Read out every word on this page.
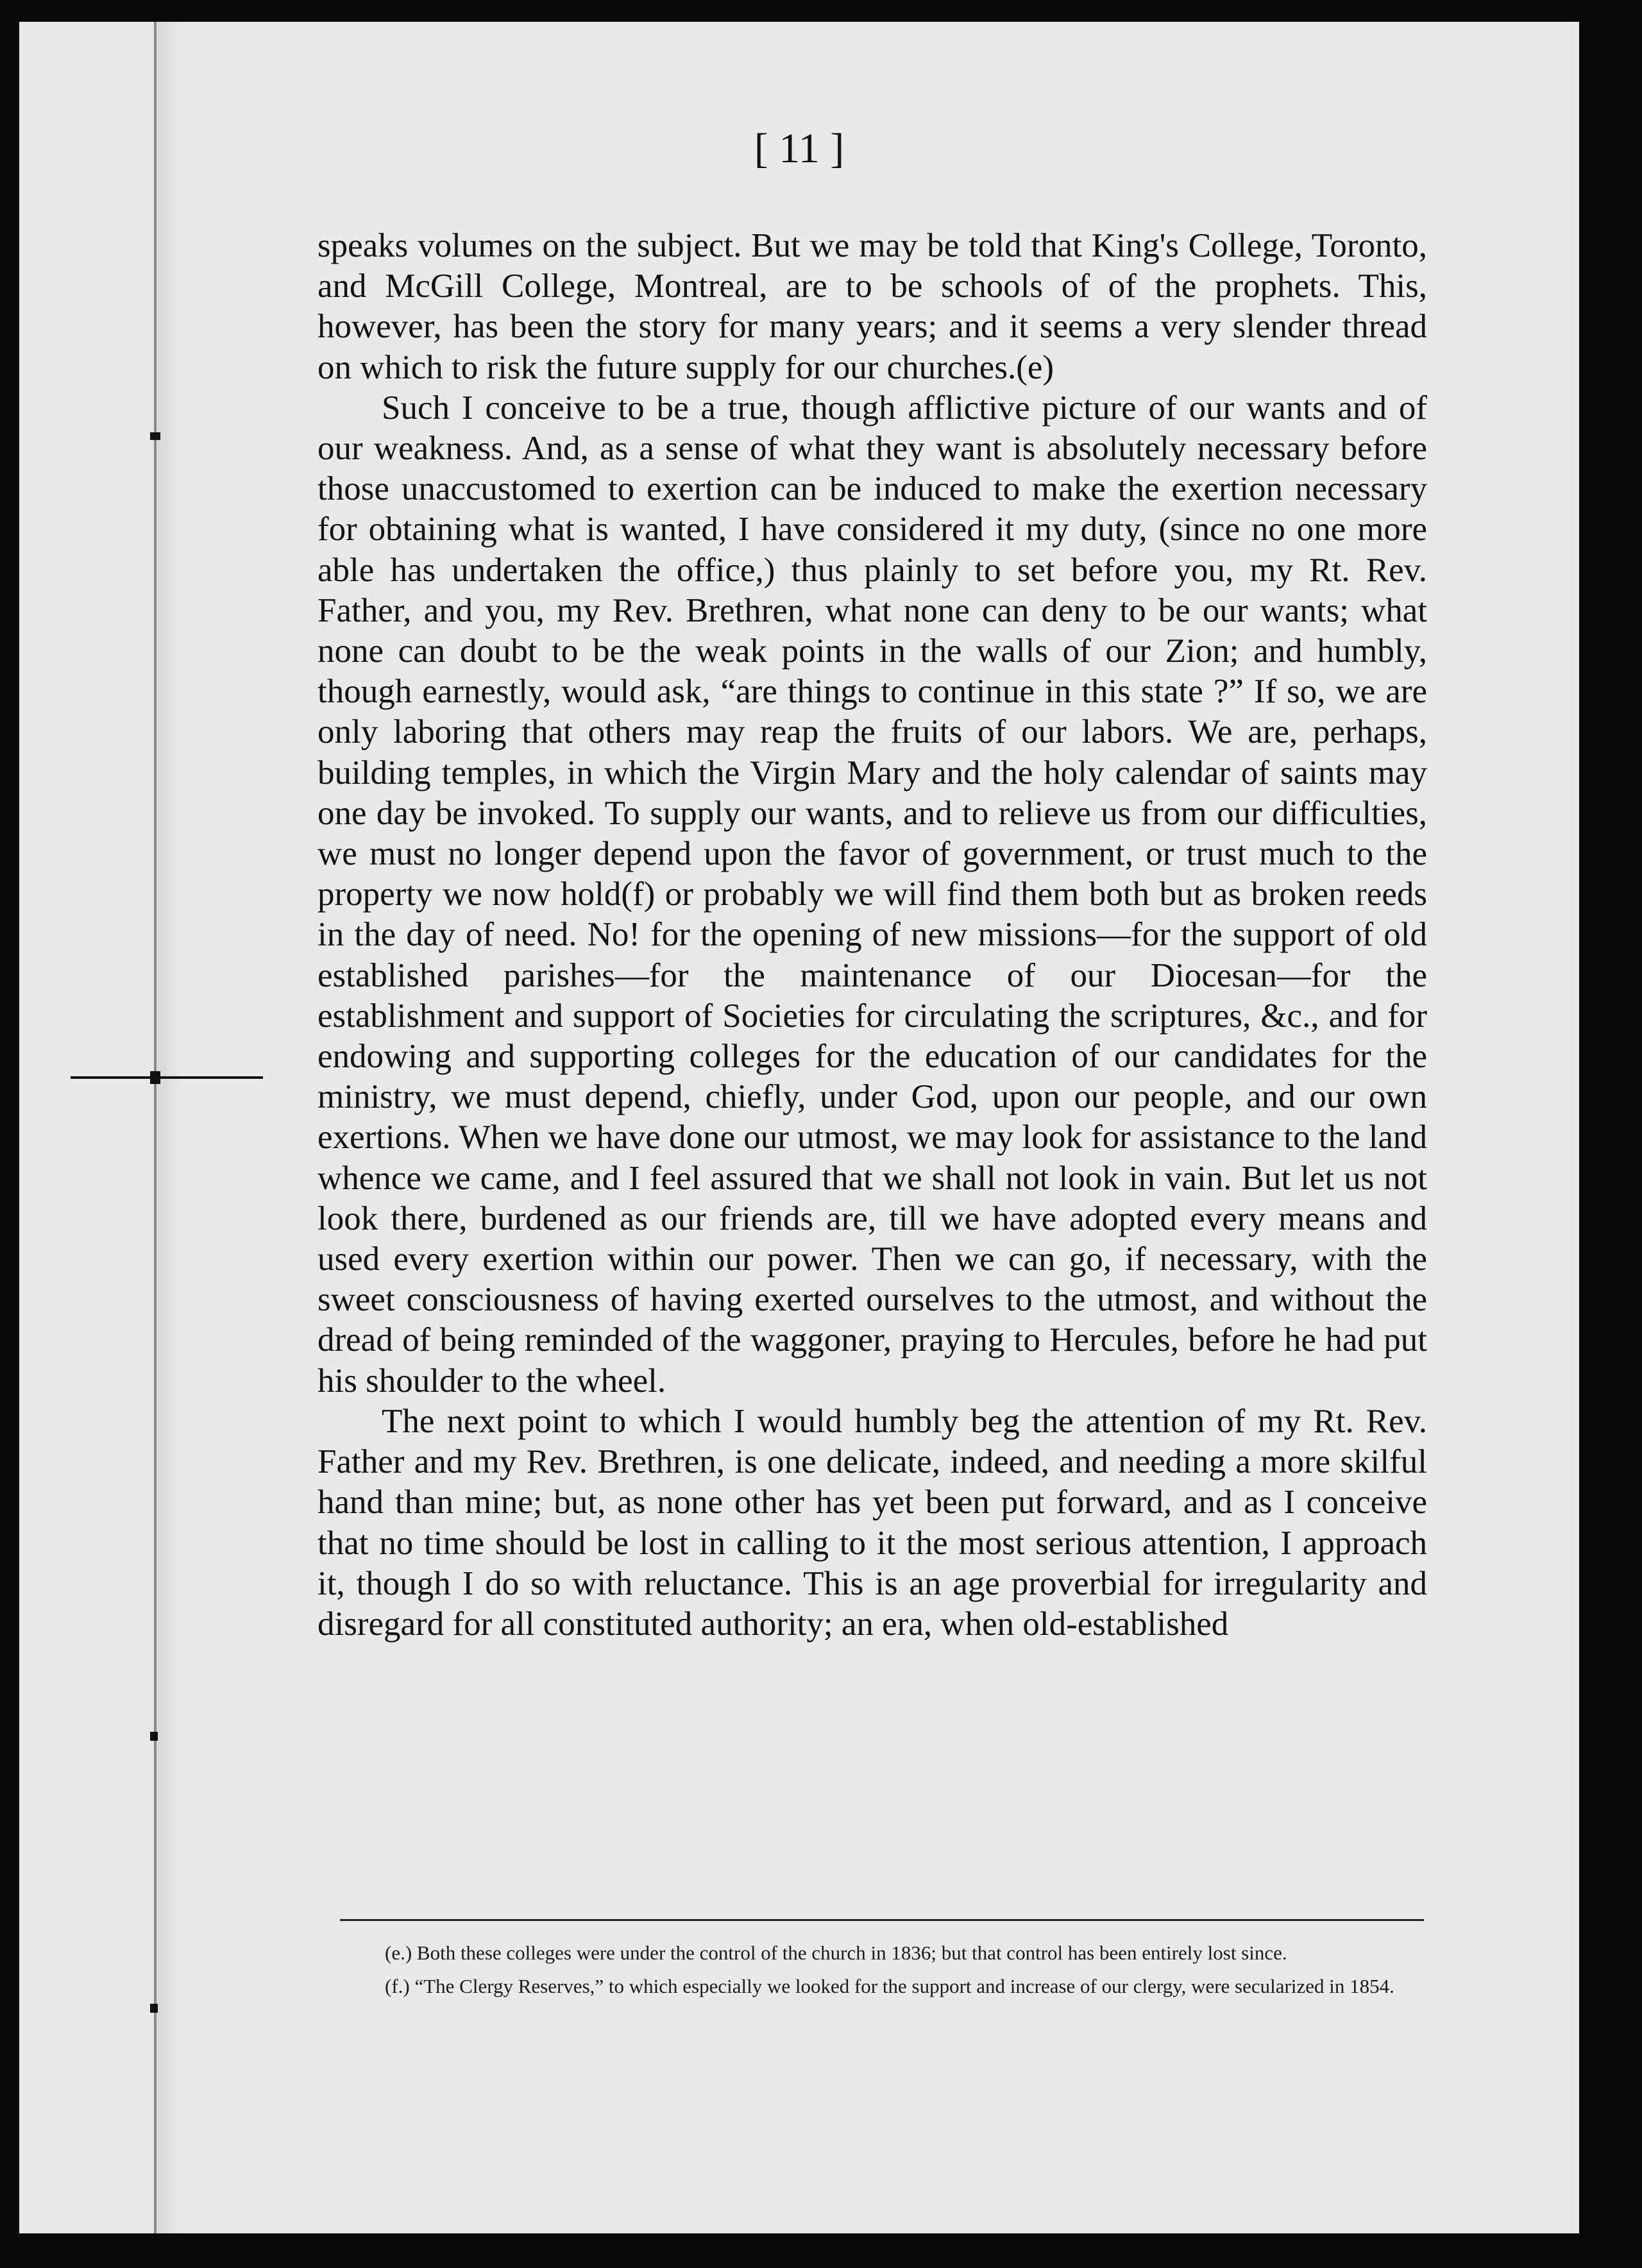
[ 11 ]

speaks volumes on the subject. But we may be told that King's College, Toronto, and McGill College, Montreal, are to be schools of of the prophets. This, however, has been the story for many years; and it seems a very slender thread on which to risk the future supply for our churches.(e)

Such I conceive to be a true, though afflictive picture of our wants and of our weakness. And, as a sense of what they want is absolutely necessary before those unaccustomed to exertion can be induced to make the exertion necessary for obtaining what is wanted, I have considered it my duty, (since no one more able has undertaken the office,) thus plainly to set before you, my Rt. Rev. Father, and you, my Rev. Brethren, what none can deny to be our wants; what none can doubt to be the weak points in the walls of our Zion; and humbly, though earnestly, would ask, “are things to continue in this state ?” If so, we are only laboring that others may reap the fruits of our labors. We are, perhaps, building temples, in which the Virgin Mary and the holy calendar of saints may one day be invoked. To supply our wants, and to relieve us from our difficulties, we must no longer depend upon the favor of government, or trust much to the property we now hold(f) or probably we will find them both but as broken reeds in the day of need. No! for the opening of new missions—for the support of old established parishes—for the maintenance of our Diocesan—for the establishment and support of Societies for circulating the scriptures, &c., and for endowing and supporting colleges for the education of our candidates for the ministry, we must depend, chiefly, under God, upon our people, and our own exertions. When we have done our utmost, we may look for assistance to the land whence we came, and I feel assured that we shall not look in vain. But let us not look there, burdened as our friends are, till we have adopted every means and used every exertion within our power. Then we can go, if necessary, with the sweet consciousness of having exerted ourselves to the utmost, and without the dread of being reminded of the waggoner, praying to Hercules, before he had put his shoulder to the wheel.

The next point to which I would humbly beg the attention of my Rt. Rev. Father and my Rev. Brethren, is one delicate, indeed, and needing a more skilful hand than mine; but, as none other has yet been put forward, and as I conceive that no time should be lost in calling to it the most serious attention, I approach it, though I do so with reluctance. This is an age proverbial for irregularity and disregard for all constituted authority; an era, when old-established

(e.) Both these colleges were under the control of the church in 1836; but that control has been entirely lost since.

(f.) “The Clergy Reserves,” to which especially we looked for the support and increase of our clergy, were secularized in 1854.
